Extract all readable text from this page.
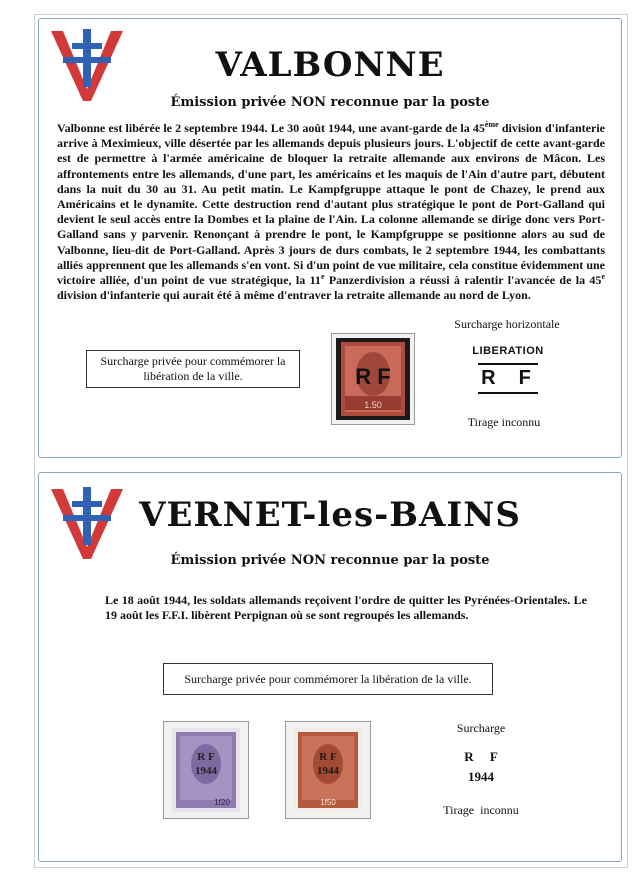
VALBONNE
Émission privée NON reconnue par la poste
Valbonne est libérée le 2 septembre 1944. Le 30 août 1944, une avant-garde de la 45ème division d'infanterie arrive à Meximieux, ville désertée par les allemands depuis plusieurs jours. L'objectif de cette avant-garde est de permettre à l'armée américaine de bloquer la retraite allemande aux environs de Mâcon. Les affrontements entre les allemands, d'une part, les américains et les maquis de l'Ain d'autre part, débutent dans la nuit du 30 au 31. Au petit matin. Le Kampfgruppe attaque le pont de Chazey, le prend aux Américains et le dynamite. Cette destruction rend d'autant plus stratégique le pont de Port-Galland qui devient le seul accès entre la Dombes et la plaine de l'Ain. La colonne allemande se dirige donc vers Port-Galland sans y parvenir. Renonçant à prendre le pont, le Kampfgruppe se positionne alors au sud de Valbonne, lieu-dit de Port-Galland. Après 3 jours de durs combats, le 2 septembre 1944, les combattants alliés apprennent que les allemands s'en vont. Si d'un point de vue militaire, cela constitue évidemment une victoire alliée, d'un point de vue stratégique, la 11e Panzerdivision a réussi à ralentir l'avancée de la 45e division d'infanterie qui aurait été à même d'entraver la retraite allemande au nord de Lyon.
Surcharge privée pour commémorer la libération de la ville.	R F
1.50
Surcharge horizontale
LIBERATION
R  F
Tirage inconnu
VERNET-les-BAINS
Émission privée NON reconnue par la poste
Le 18 août 1944, les soldats allemands reçoivent l'ordre de quitter les Pyrénées-Orientales. Le 19 août les F.F.I. libèrent Perpignan où se sont regroupés les allemands.
Surcharge privée pour commémorer la libération de la ville.
R F
1944
1f20
R F
1944
1f50
Surcharge
R     F
1944
Tirage  inconnu
